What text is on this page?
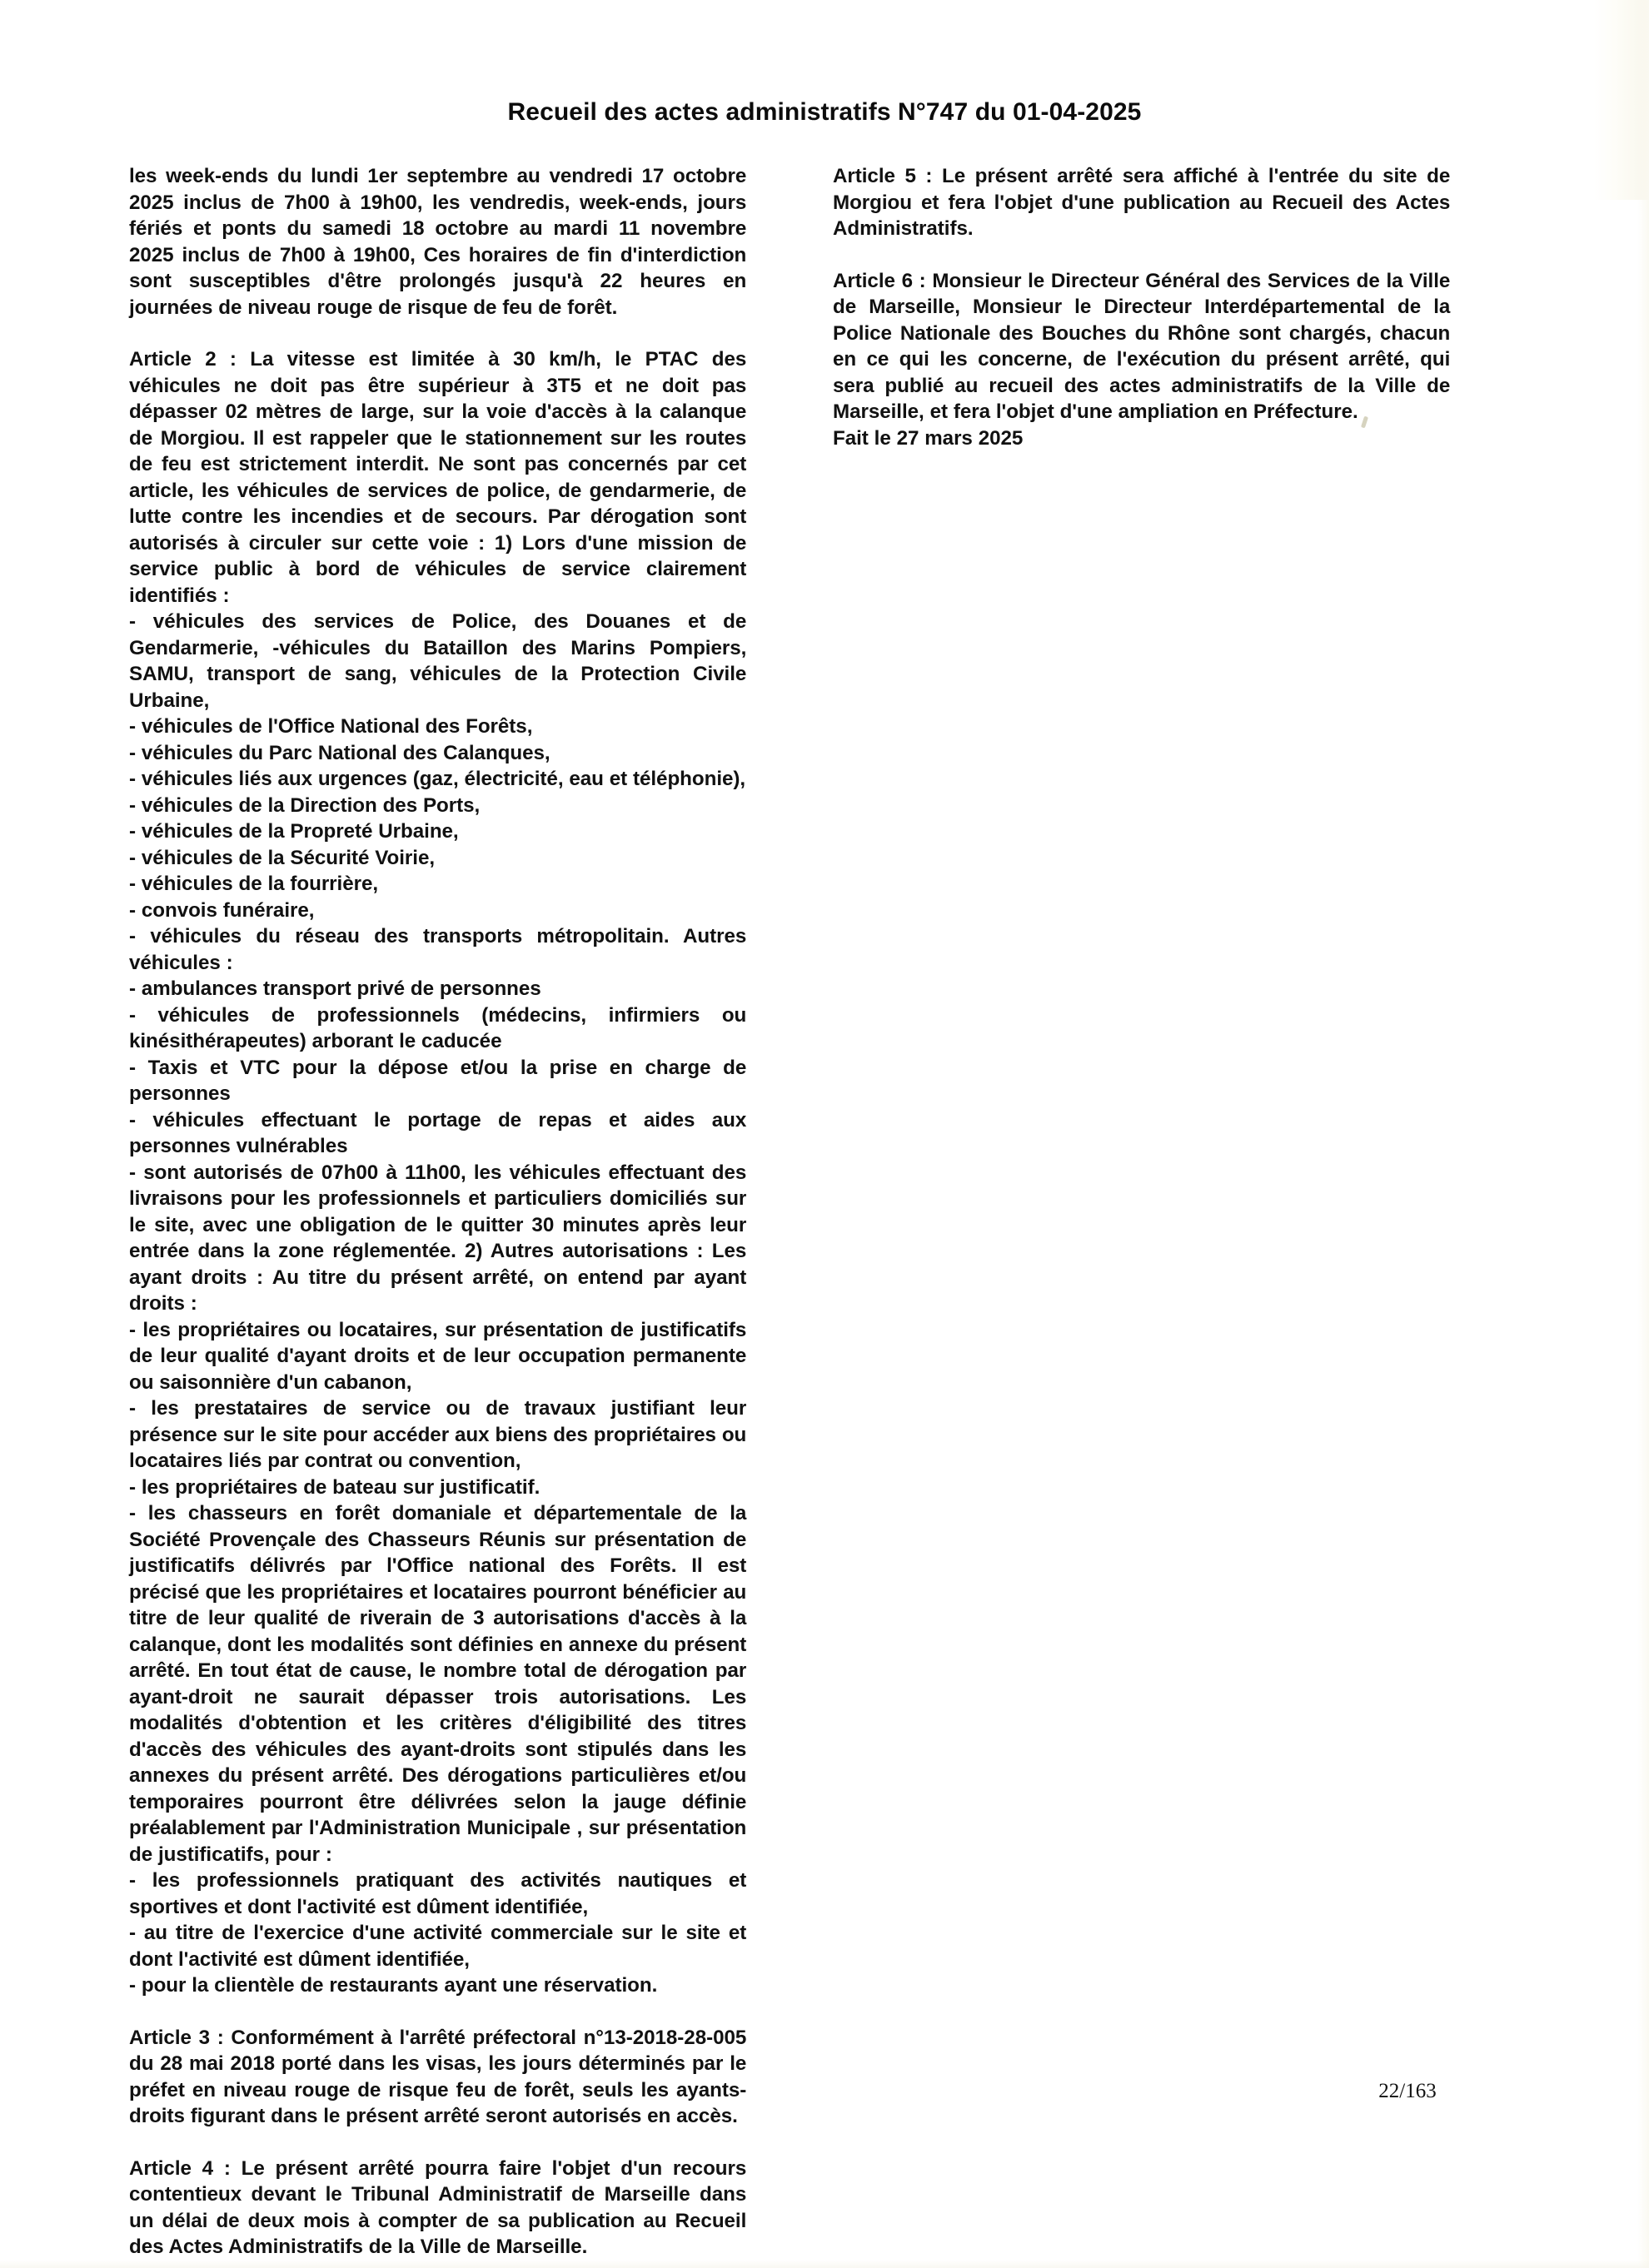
Recueil des actes administratifs N°747 du 01-04-2025

les week-ends du lundi 1er septembre au vendredi 17 octobre 2025 inclus de 7h00 à 19h00, les vendredis, week-ends, jours fériés et ponts du samedi 18 octobre au mardi 11 novembre 2025 inclus de 7h00 à 19h00, Ces horaires de fin d'interdiction sont susceptibles d'être prolongés jusqu'à 22 heures en journées de niveau rouge de risque de feu de forêt.

Article 2 : La vitesse est limitée à 30 km/h, le PTAC des véhicules ne doit pas être supérieur à 3T5 et ne doit pas dépasser 02 mètres de large, sur la voie d'accès à la calanque de Morgiou. Il est rappeler que le stationnement sur les routes de feu est strictement interdit. Ne sont pas concernés par cet article, les véhicules de services de police, de gendarmerie, de lutte contre les incendies et de secours. Par dérogation sont autorisés à circuler sur cette voie : 1) Lors d'une mission de service public à bord de véhicules de service clairement identifiés :

- véhicules des services de Police, des Douanes et de Gendarmerie, -véhicules du Bataillon des Marins Pompiers, SAMU, transport de sang, véhicules de la Protection Civile Urbaine,

- véhicules de l'Office National des Forêts,

- véhicules du Parc National des Calanques,

- véhicules liés aux urgences (gaz, électricité, eau et téléphonie),

- véhicules de la Direction des Ports,

- véhicules de la Propreté Urbaine,

- véhicules de la Sécurité Voirie,

- véhicules de la fourrière,

- convois funéraire,

- véhicules du réseau des transports métropolitain. Autres véhicules :

- ambulances transport privé de personnes

- véhicules de professionnels (médecins, infirmiers ou kinésithérapeutes) arborant le caducée

- Taxis et VTC pour la dépose et/ou la prise en charge de personnes

- véhicules effectuant le portage de repas et aides aux personnes vulnérables

- sont autorisés de 07h00 à 11h00, les véhicules effectuant des livraisons pour les professionnels et particuliers domiciliés sur le site, avec une obligation de le quitter 30 minutes après leur entrée dans la zone réglementée. 2) Autres autorisations : Les ayant droits : Au titre du présent arrêté, on entend par ayant droits :

- les propriétaires ou locataires, sur présentation de justificatifs de leur qualité d'ayant droits et de leur occupation permanente ou saisonnière d'un cabanon,

- les prestataires de service ou de travaux justifiant leur présence sur le site pour accéder aux biens des propriétaires ou locataires liés par contrat ou convention,

- les propriétaires de bateau sur justificatif.

- les chasseurs en forêt domaniale et départementale de la Société Provençale des Chasseurs Réunis sur présentation de justificatifs délivrés par l'Office national des Forêts. Il est précisé que les propriétaires et locataires pourront bénéficier au titre de leur qualité de riverain de 3 autorisations d'accès à la calanque, dont les modalités sont définies en annexe du présent arrêté. En tout état de cause, le nombre total de dérogation par ayant-droit ne saurait dépasser trois autorisations. Les modalités d'obtention et les critères d'éligibilité des titres d'accès des véhicules des ayant-droits sont stipulés dans les annexes du présent arrêté. Des dérogations particulières et/ou temporaires pourront être délivrées selon la jauge définie préalablement par l'Administration Municipale , sur présentation de justificatifs, pour :

- les professionnels pratiquant des activités nautiques et sportives et dont l'activité est dûment identifiée,

- au titre de l'exercice d'une activité commerciale sur le site et dont l'activité est dûment identifiée,

- pour la clientèle de restaurants ayant une réservation.

Article 3 : Conformément à l'arrêté préfectoral n°13-2018-28-005 du 28 mai 2018 porté dans les visas, les jours déterminés par le préfet en niveau rouge de risque feu de forêt, seuls les ayants-droits figurant dans le présent arrêté seront autorisés en accès.

Article 4 : Le présent arrêté pourra faire l'objet d'un recours contentieux devant le Tribunal Administratif de Marseille dans un délai de deux mois à compter de sa publication au Recueil des Actes Administratifs de la Ville de Marseille.

Article 5 : Le présent arrêté sera affiché à l'entrée du site de Morgiou et fera l'objet d'une publication au Recueil des Actes Administratifs.

Article 6 : Monsieur le Directeur Général des Services de la Ville de Marseille, Monsieur le Directeur Interdépartemental de la Police Nationale des Bouches du Rhône sont chargés, chacun en ce qui les concerne, de l'exécution du présent arrêté, qui sera publié au recueil des actes administratifs de la Ville de Marseille, et fera l'objet d'une ampliation en Préfecture.

Fait le 27 mars 2025

22/163
